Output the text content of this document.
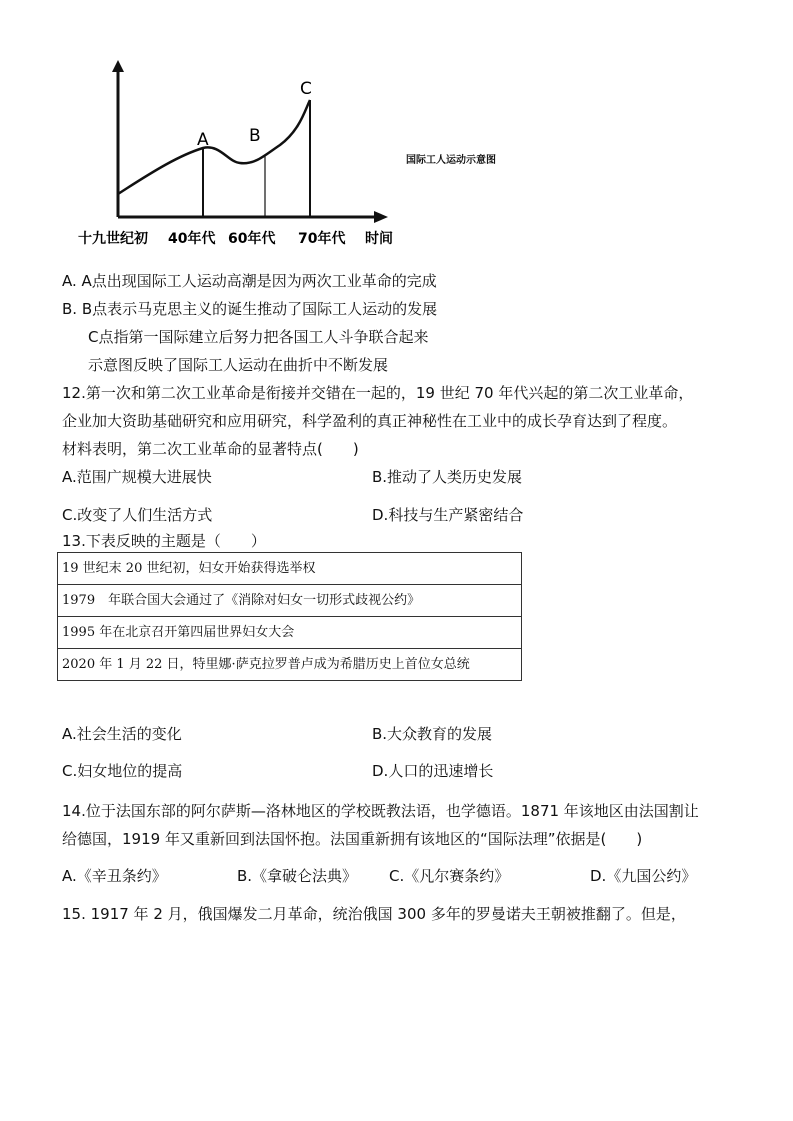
A B
C
十九世纪初 40年代 60年代 70年代 时间
国际工人运动示意图
A. A点出现国际工人运动高潮是因为两次工业革命的完成
B. B点表示马克思主义的诞生推动了国际工人运动的发展
C点指第一国际建立后努力把各国工人斗争联合起来
示意图反映了国际工人运动在曲折中不断发展
12.第一次和第二次工业革命是衔接并交错在一起的，19 世纪 70 年代兴起的第二次工业革命，
企业加大资助基础研究和应用研究，科学盈利的真正神秘性在工业中的成长孕育达到了程度。
材料表明，第二次工业革命的显著特点(　　)
A.范围广规模大进展快	B.推动了人类历史发展
C.改变了人们生活方式	D.科技与生产紧密结合
13.下表反映的主题是（　　）
19 世纪末 20 世纪初，妇女开始获得选举权
1979　年联合国大会通过了《消除对妇女一切形式歧视公约》
1995 年在北京召开第四届世界妇女大会
2020 年 1 月 22 日，特里娜·萨克拉罗普卢成为希腊历史上首位女总统
A.社会生活的变化	B.大众教育的发展
C.妇女地位的提高	D.人口的迅速增长
14.位于法国东部的阿尔萨斯—洛林地区的学校既教法语，也学德语。1871 年该地区由法国割让
给德国，1919 年又重新回到法国怀抱。法国重新拥有该地区的“国际法理”依据是(　　)
A.《辛丑条约》	B.《拿破仑法典》 C.《凡尔赛条约》	D.《九国公约》
15. 1917 年 2 月，俄国爆发二月革命，统治俄国 300 多年的罗曼诺夫王朝被推翻了。但是，
